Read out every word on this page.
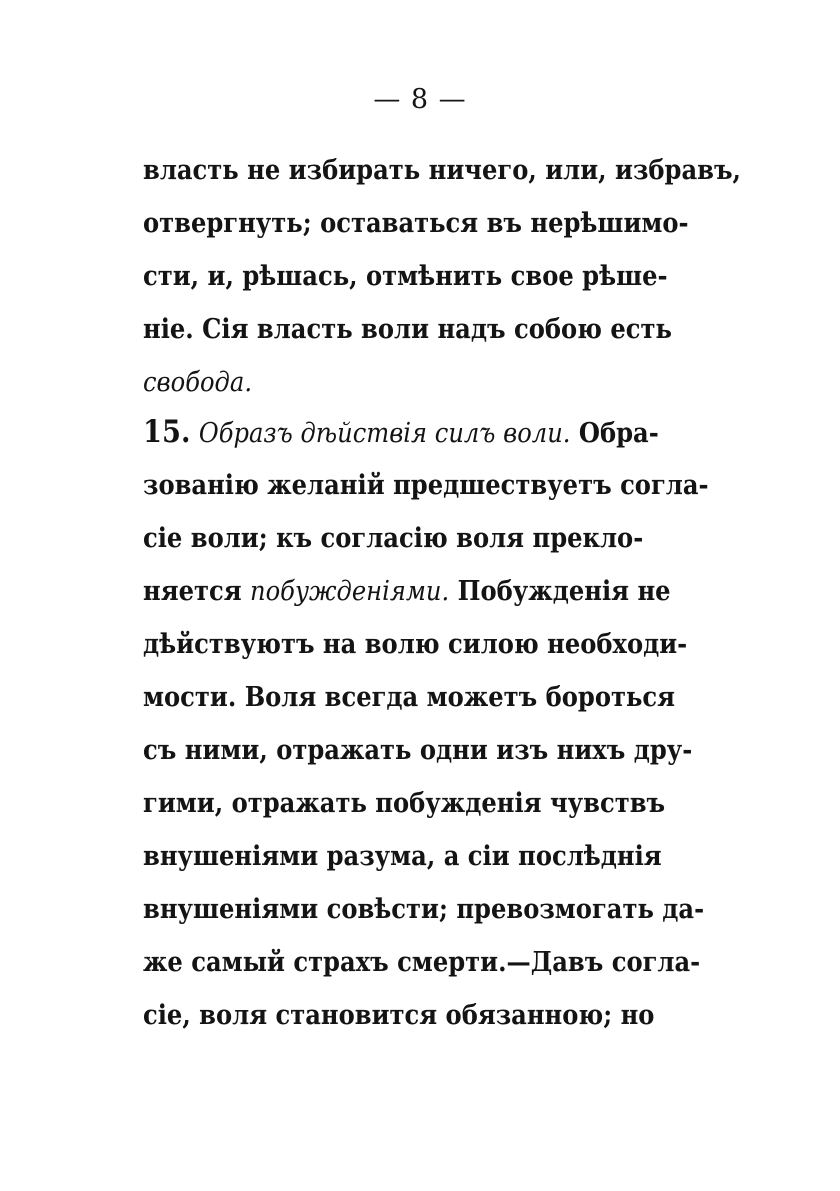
— 8 —
власть не избирать ничего, или, избравъ,
отвергнуть; оставаться въ нерѣшимо-
сти, и, рѣшась, отмѣнить свое рѣше-
ніе. Сія власть воли надъ собою есть
свобода.
15. Образъ дѣйствія силъ воли. Обра-
зованію желаній предшествуетъ согла-
сіе воли; къ согласію воля прекло-
няется побужденіями. Побужденія не
дѣйствуютъ на волю силою необходи-
мости. Воля всегда можетъ бороться
съ ними, отражать одни изъ нихъ дру-
гими, отражать побужденія чувствъ
внушеніями разума, а сіи послѣднія
внушеніями совѣсти; превозмогать да-
же самый страхъ смерти.—Давъ согла-
сіе, воля становится обязанною; но
